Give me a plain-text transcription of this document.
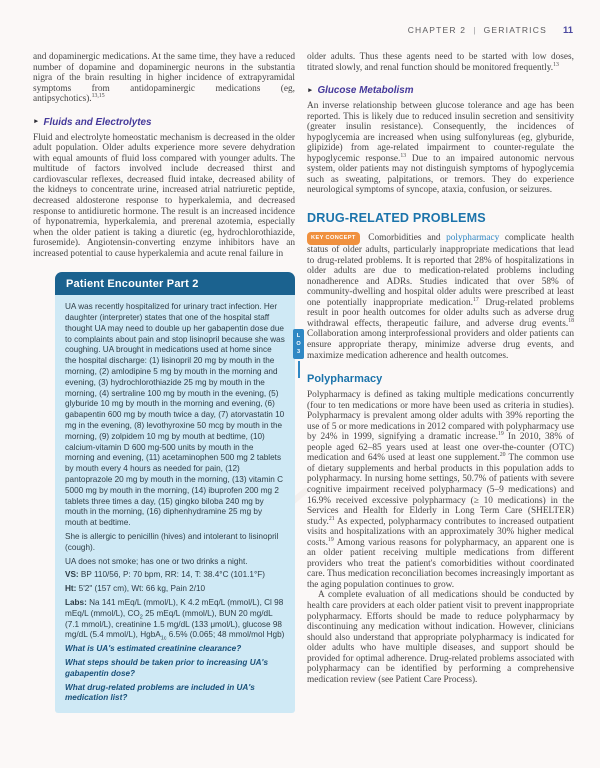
CHAPTER 2 | GERIATRICS 11

and dopaminergic medications. At the same time, they have a reduced number of dopamine and dopaminergic neurons in the substantia nigra of the brain resulting in higher incidence of extrapyramidal symptoms from antidopaminergic medications (eg, antipsychotics).$^{13,15}$

► Fluids and Electrolytes

Fluid and electrolyte homeostatic mechanism is decreased in the older adult population. Older adults experience more severe dehydration with equal amounts of fluid loss compared with younger adults. The multitude of factors involved include decreased thirst and cardiovascular reflexes, decreased fluid intake, decreased ability of the kidneys to concentrate urine, increased atrial natriuretic peptide, decreased aldosterone response to hyperkalemia, and decreased response to antidiuretic hormone. The result is an increased incidence of hyponatremia, hyperkalemia, and prerenal azotemia, especially when the older patient is taking a diuretic (eg, hydrochlorothiazide, furosemide). Angiotensin-converting enzyme inhibitors have an increased potential to cause hyperkalemia and acute renal failure in

Patient Encounter Part 2

UA was recently hospitalized for urinary tract infection. Her daughter (interpreter) states that one of the hospital staff thought UA may need to double up her gabapentin dose due to complaints about pain and stop lisinopril because she was coughing. UA brought in medications used at home since the hospital discharge: (1) lisinopril 20 mg by mouth in the morning, (2) amlodipine 5 mg by mouth in the morning and evening, (3) hydrochlorothiazide 25 mg by mouth in the morning, (4) sertraline 100 mg by mouth in the evening, (5) glyburide 10 mg by mouth in the morning and evening, (6) gabapentin 600 mg by mouth twice a day, (7) atorvastatin 10 mg in the evening, (8) levothyroxine 50 mcg by mouth in the morning, (9) zolpidem 10 mg by mouth at bedtime, (10) calcium-vitamin D 600 mg-500 units by mouth in the morning and evening, (11) acetaminophen 500 mg 2 tablets by mouth every 4 hours as needed for pain, (12) pantoprazole 20 mg by mouth in the morning, (13) vitamin C 5000 mg by mouth in the morning, (14) ibuprofen 200 mg 2 tablets three times a day, (15) gingko biloba 240 mg by mouth in the morning, (16) diphenhydramine 25 mg by mouth at bedtime.

She is allergic to penicillin (hives) and intolerant to lisinopril (cough).

UA does not smoke; has one or two drinks a night.

VS: BP 110/56, P: 70 bpm, RR: 14, T: 38.4°C (101.1°F)

Ht: 5'2" (157 cm), Wt: 66 kg, Pain 2/10

Labs: Na 141 mEq/L (mmol/L), K 4.2 mEq/L (mmol/L), Cl 98 mEq/L (mmol/L), $CO_2$ 25 mEq/L (mmol/L), BUN 20 mg/dL (7.1 mmol/L), creatinine 1.5 mg/dL (133 μmol/L), glucose 98 mg/dL (5.4 mmol/L), HgbA$_{1c}$ 6.5% (0.065; 48 mmol/mol Hgb)

What is UA's estimated creatinine clearance?

What steps should be taken prior to increasing UA's gabapentin dose?

What drug-related problems are included in UA's medication list?

L
O
3

older adults. Thus these agents need to be started with low doses, titrated slowly, and renal function should be monitored frequently.$^{13}$

► Glucose Metabolism

An inverse relationship between glucose tolerance and age has been reported. This is likely due to reduced insulin secretion and sensitivity (greater insulin resistance). Consequently, the incidences of hypoglycemia are increased when using sulfonylureas (eg, glyburide, glipizide) from age-related impairment to counter-regulate the hypoglycemic response.$^{13}$ Due to an impaired autonomic nervous system, older patients may not distinguish symptoms of hypoglycemia such as sweating, palpitations, or tremors. They do experience neurological symptoms of syncope, ataxia, confusion, or seizures.

DRUG-RELATED PROBLEMS

KEY CONCEPT Comorbidities and polypharmacy complicate health status of older adults, particularly inappropriate medications that lead to drug-related problems. It is reported that 28% of hospitalizations in older adults are due to medication-related problems including nonadherence and ADRs. Studies indicated that over 58% of community-dwelling and hospital older adults were prescribed at least one potentially inappropriate medication.$^{17}$ Drug-related problems result in poor health outcomes for older adults such as adverse drug withdrawal effects, therapeutic failure, and adverse drug events.$^{18}$ Collaboration among interprofessional providers and older patients can ensure appropriate therapy, minimize adverse drug events, and maximize medication adherence and health outcomes.

Polypharmacy

Polypharmacy is defined as taking multiple medications concurrently (four to ten medications or more have been used as criteria in studies). Polypharmacy is prevalent among older adults with 39% reporting the use of 5 or more medications in 2012 compared with polypharmacy use by 24% in 1999, signifying a dramatic increase.$^{19}$ In 2010, 38% of people aged 62–85 years used at least one over-the-counter (OTC) medication and 64% used at least one supplement.$^{20}$ The common use of dietary supplements and herbal products in this population adds to polypharmacy. In nursing home settings, 50.7% of patients with severe cognitive impairment received polypharmacy (5–9 medications) and 16.9% received excessive polypharmacy (≥ 10 medications) in the Services and Health for Elderly in Long Term Care (SHELTER) study.$^{21}$ As expected, polypharmacy contributes to increased outpatient visits and hospitalizations with an approximately 30% higher medical costs.$^{19}$ Among various reasons for polypharmacy, an apparent one is an older patient receiving multiple medications from different providers who treat the patient's comorbidities without coordinated care. Thus medication reconciliation becomes increasingly important as the aging population continues to grow.

A complete evaluation of all medications should be conducted by health care providers at each older patient visit to prevent inappropriate polypharmacy. Efforts should be made to reduce polypharmacy by discontinuing any medication without indication. However, clinicians should also understand that appropriate polypharmacy is indicated for older adults who have multiple diseases, and support should be provided for optimal adherence. Drug-related problems associated with polypharmacy can be identified by performing a comprehensive medication review (see Patient Care Process).
